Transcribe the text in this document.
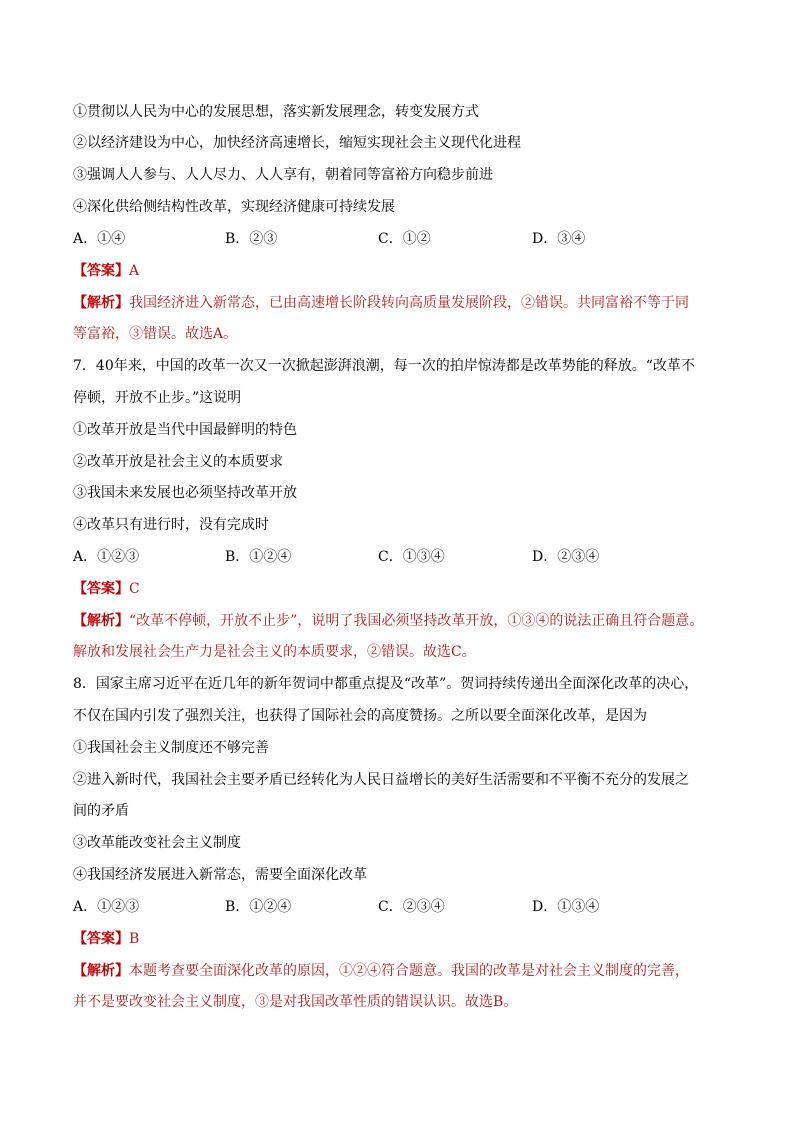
①贯彻以人民为中心的发展思想，落实新发展理念，转变发展方式
②以经济建设为中心，加快经济高速增长，缩短实现社会主义现代化进程
③强调人人参与、人人尽力、人人享有，朝着同等富裕方向稳步前进
④深化供给侧结构性改革，实现经济健康可持续发展
A．①④	B．②③	C．①②	D．③④
【答案】A
【解析】我国经济进入新常态，已由高速增长阶段转向高质量发展阶段，②错误。共同富裕不等于同
等富裕，③错误。故选A。
7．40年来，中国的改革一次又一次掀起澎湃浪潮，每一次的拍岸惊涛都是改革势能的释放。“改革不
停顿，开放不止步。”这说明
①改革开放是当代中国最鲜明的特色
②改革开放是社会主义的本质要求
③我国未来发展也必须坚持改革开放
④改革只有进行时，没有完成时
A．①②③	B．①②④	C．①③④	D．②③④
【答案】C
【解析】“改革不停顿，开放不止步”，说明了我国必须坚持改革开放，①③④的说法正确且符合题意。
解放和发展社会生产力是社会主义的本质要求，②错误。故选C。
8．国家主席习近平在近几年的新年贺词中都重点提及“改革”。贺词持续传递出全面深化改革的决心，
不仅在国内引发了强烈关注，也获得了国际社会的高度赞扬。之所以要全面深化改革，是因为
①我国社会主义制度还不够完善
②进入新时代，我国社会主要矛盾已经转化为人民日益增长的美好生活需要和不平衡不充分的发展之
间的矛盾
③改革能改变社会主义制度
④我国经济发展进入新常态，需要全面深化改革
A．①②③	B．①②④	C．②③④	D．①③④
【答案】B
【解析】本题考查要全面深化改革的原因，①②④符合题意。我国的改革是对社会主义制度的完善，
并不是要改变社会主义制度，③是对我国改革性质的错误认识。故选B。
